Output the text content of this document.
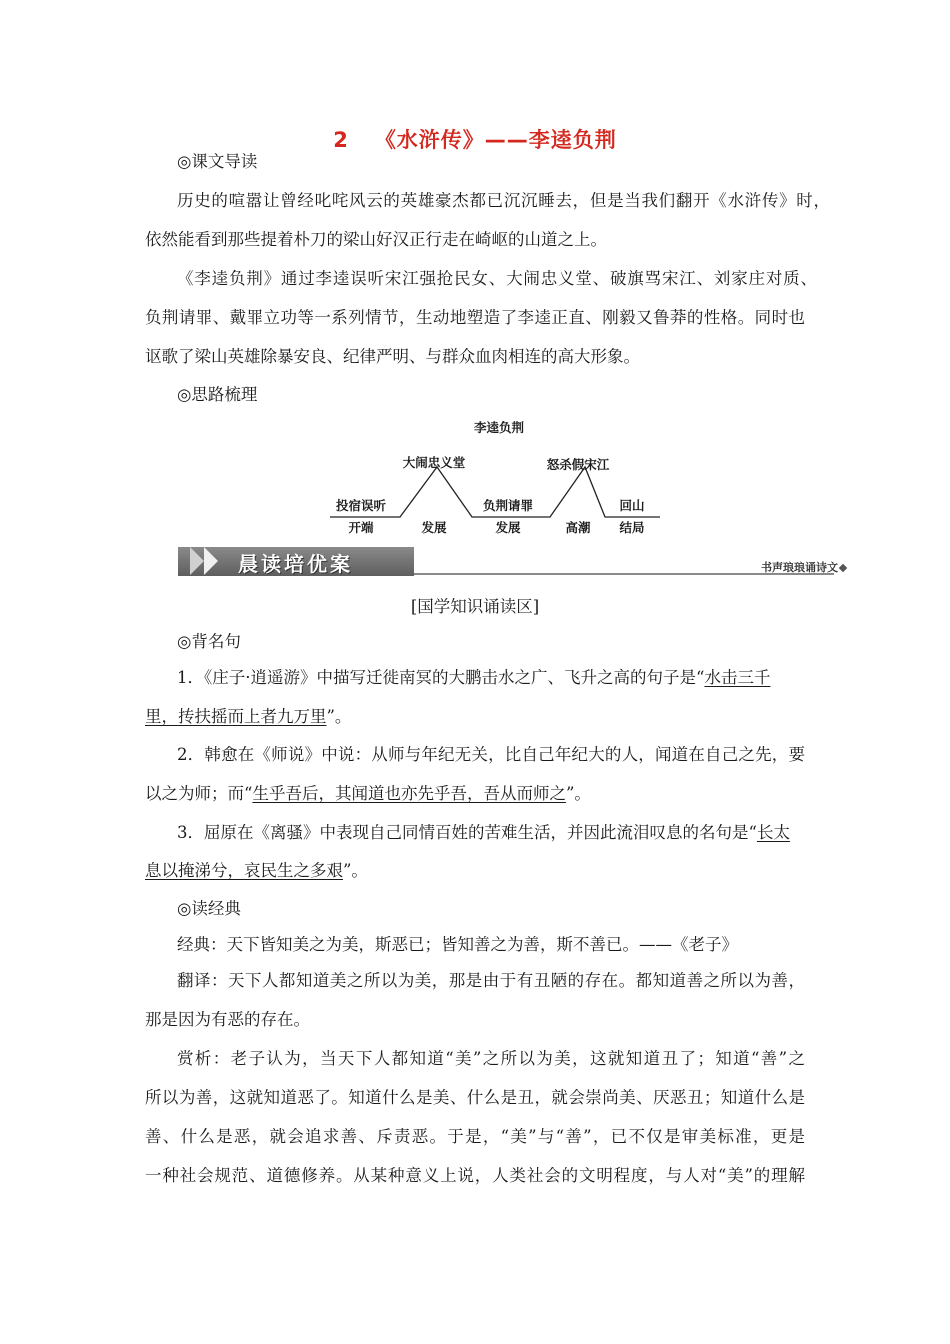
2 《水浒传》——李逵负荆
◎课文导读
历史的喧嚣让曾经叱咤风云的英雄豪杰都已沉沉睡去，但是当我们翻开《水浒传》时，
依然能看到那些提着朴刀的梁山好汉正行走在崎岖的山道之上。
《李逵负荆》通过李逵误听宋江强抢民女、大闹忠义堂、破旗骂宋江、刘家庄对质、
负荆请罪、戴罪立功等一系列情节，生动地塑造了李逵正直、刚毅又鲁莽的性格。同时也
讴歌了梁山英雄除暴安良、纪律严明、与群众血肉相连的高大形象。
◎思路梳理
李逵负荆
投宿误听
大闹忠义堂
负荆请罪
怒杀假宋江
回山
开端	发展	发展	高潮 结局
晨读培优案	书声琅琅诵诗文
[国学知识诵读区]
◎背名句
1．《庄子·逍遥游》中描写迁徙南冥的大鹏击水之广、飞升之高的句子是“水击三千
里，抟扶摇而上者九万里”。
2．韩愈在《师说》中说：从师与年纪无关，比自己年纪大的人，闻道在自己之先，要
以之为师；而“生乎吾后，其闻道也亦先乎吾，吾从而师之”。
3．屈原在《离骚》中表现自己同情百姓的苦难生活，并因此流泪叹息的名句是“长太
息以掩涕兮，哀民生之多艰”。
◎读经典
经典：天下皆知美之为美，斯恶已；皆知善之为善，斯不善已。——《老子》
翻译：天下人都知道美之所以为美，那是由于有丑陋的存在。都知道善之所以为善，
那是因为有恶的存在。
赏析：老子认为，当天下人都知道“美”之所以为美，这就知道丑了；知道“善”之
所以为善，这就知道恶了。知道什么是美、什么是丑，就会崇尚美、厌恶丑；知道什么是
善、什么是恶，就会追求善、斥责恶。于是，“美”与“善”，已不仅是审美标准，更是
一种社会规范、道德修养。从某种意义上说，人类社会的文明程度，与人对“美”的理解
